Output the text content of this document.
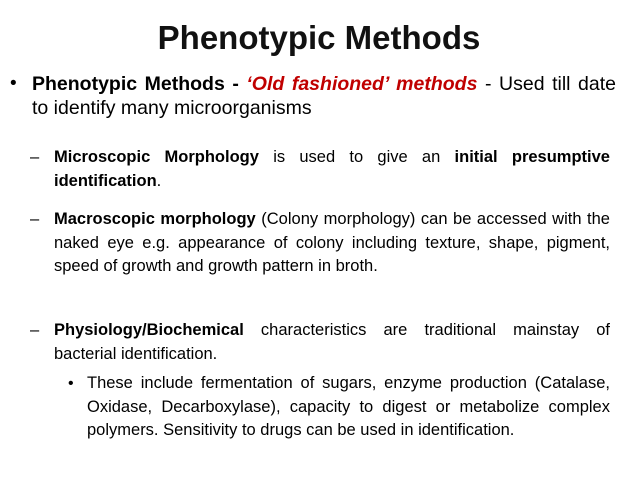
Phenotypic Methods
• Phenotypic Methods - ‘Old fashioned’ methods - Used till date to identify many microorganisms
– Microscopic Morphology is used to give an initial presumptive identification.
– Macroscopic morphology (Colony morphology) can be accessed with the naked eye e.g. appearance of colony including texture, shape, pigment, speed of growth and growth pattern in broth.
– Physiology/Biochemical characteristics are traditional mainstay of bacterial identification.
• These include fermentation of sugars, enzyme production (Catalase, Oxidase, Decarboxylase), capacity to digest or metabolize complex polymers. Sensitivity to drugs can be used in identification.
